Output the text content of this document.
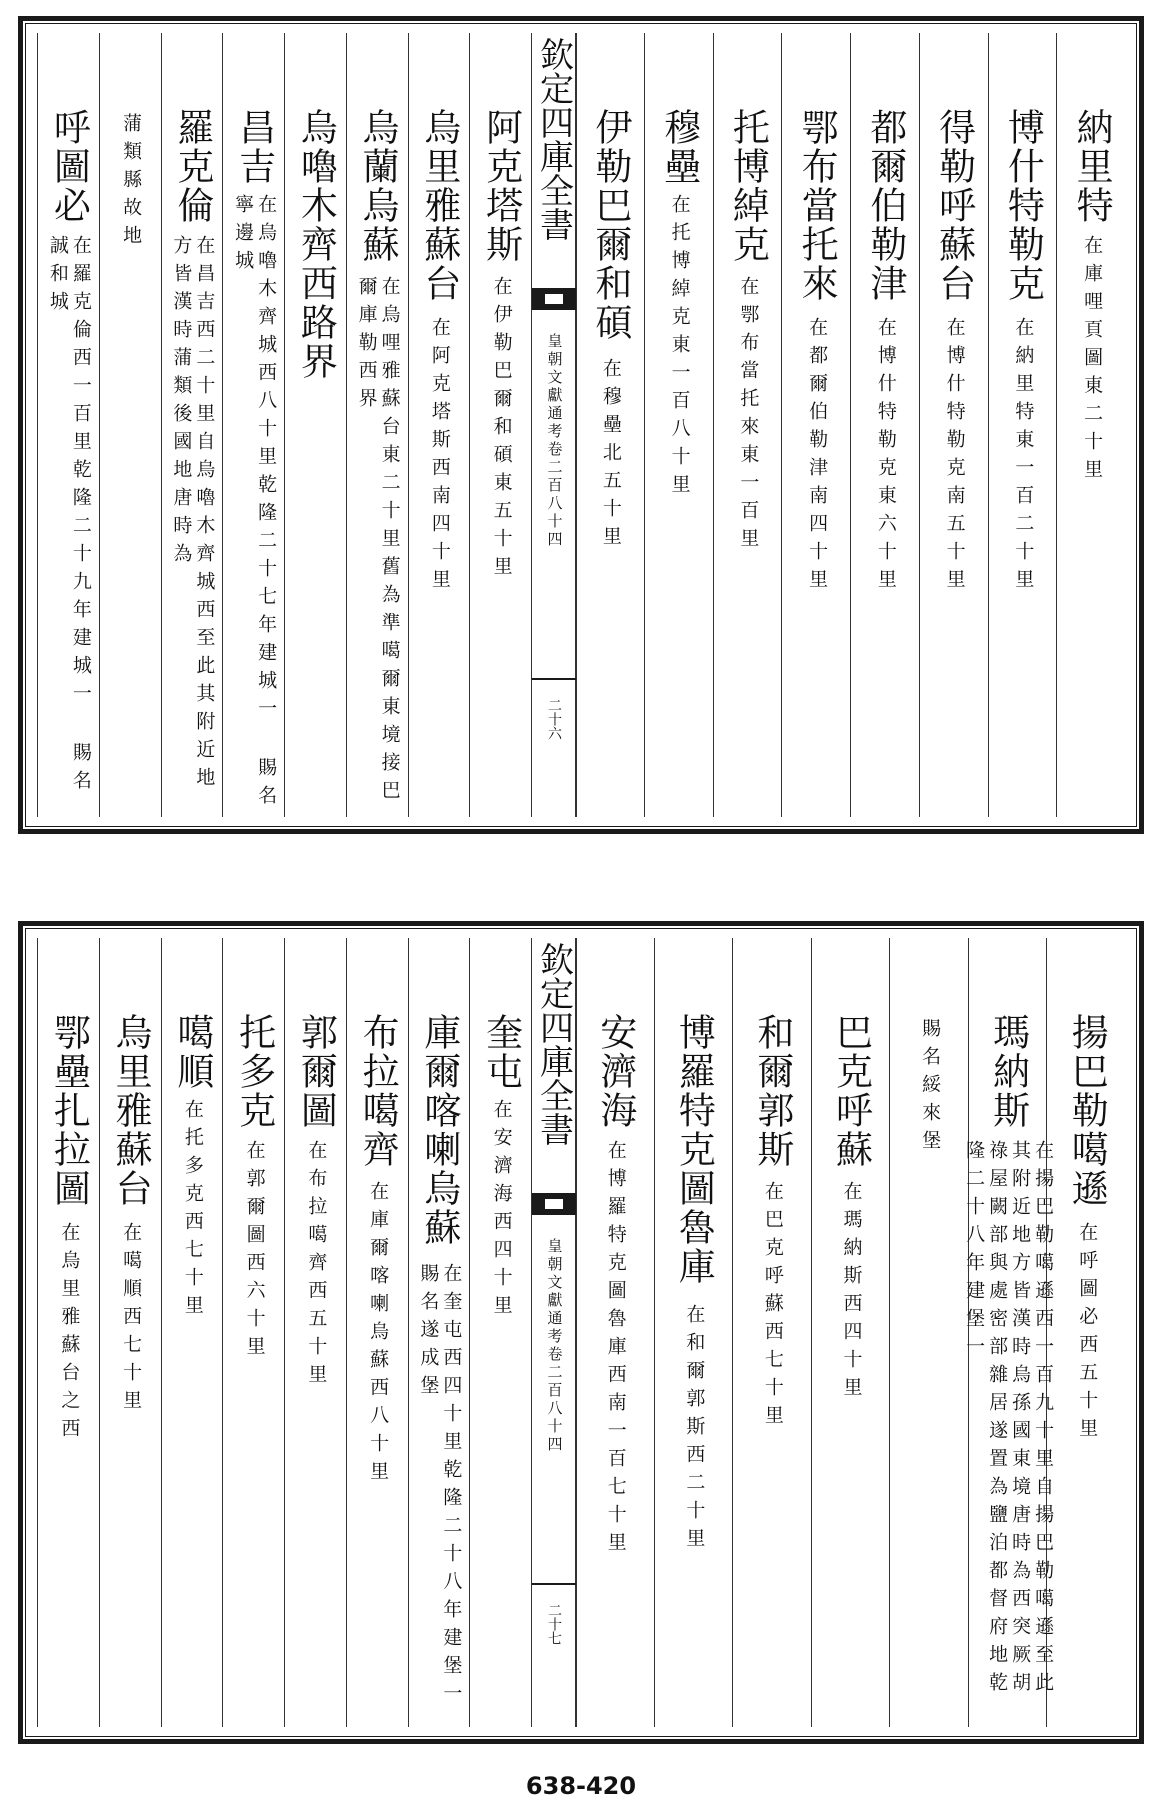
納里特
在庫哩頁圖東二十里
博什特勒克
在納里特東一百二十里
得勒呼蘇台
在博什特勒克南五十里
都爾伯勒津
在博什特勒克東六十里
鄂布當托來
在都爾伯勒津南四十里
托博綽克
在鄂布當托來東一百里
穆壘
在托博綽克東一百八十里
伊勒巴爾和碩
在穆壘北五十里
阿克塔斯
在伊勒巴爾和碩東五十里
烏里雅蘇台
在阿克塔斯西南四十里
烏蘭烏蘇
在烏哩雅蘇台東二十里舊為準噶爾東境接巴爾庫勒西界
烏嚕木齊西路界
昌吉
在烏嚕木齊城西八十里乾隆二十七年建城一 賜名寧邊城
羅克倫
在昌吉西二十里自烏嚕木齊城西至此其附近地方皆漢時蒲類後國地唐時為
蒲類縣故地
呼圖必
在羅克倫西一百里乾隆二十九年建城一 賜名誠和城
欽定四庫全書
皇朝文獻通考卷二百八十四
二十六
揚巴勒噶遜
在呼圖必西五十里
瑪納斯
在揚巴勒噶遜西一百九十里自揚巴勒噶遜至此其附近地方皆漢時烏孫國東境唐時為西突厥胡祿屋闕部與處密部雜居遂置為鹽泊都督府地乾隆二十八年建堡一
賜名綏來堡
巴克呼蘇
在瑪納斯西四十里
和爾郭斯
在巴克呼蘇西七十里
博羅特克圖魯庫
在和爾郭斯西二十里
安濟海
在博羅特克圖魯庫西南一百七十里
奎屯
在安濟海西四十里
庫爾喀喇烏蘇
在奎屯西四十里乾隆二十八年建堡一 賜名遂成堡
布拉噶齊
在庫爾喀喇烏蘇西八十里
郭爾圖
在布拉噶齊西五十里
托多克
在郭爾圖西六十里
噶順
在托多克西七十里
烏里雅蘇台
在噶順西七十里
鄂壘扎拉圖
在烏里雅蘇台之西
欽定四庫全書
皇朝文獻通考卷二百八十四
二十七
638-420
